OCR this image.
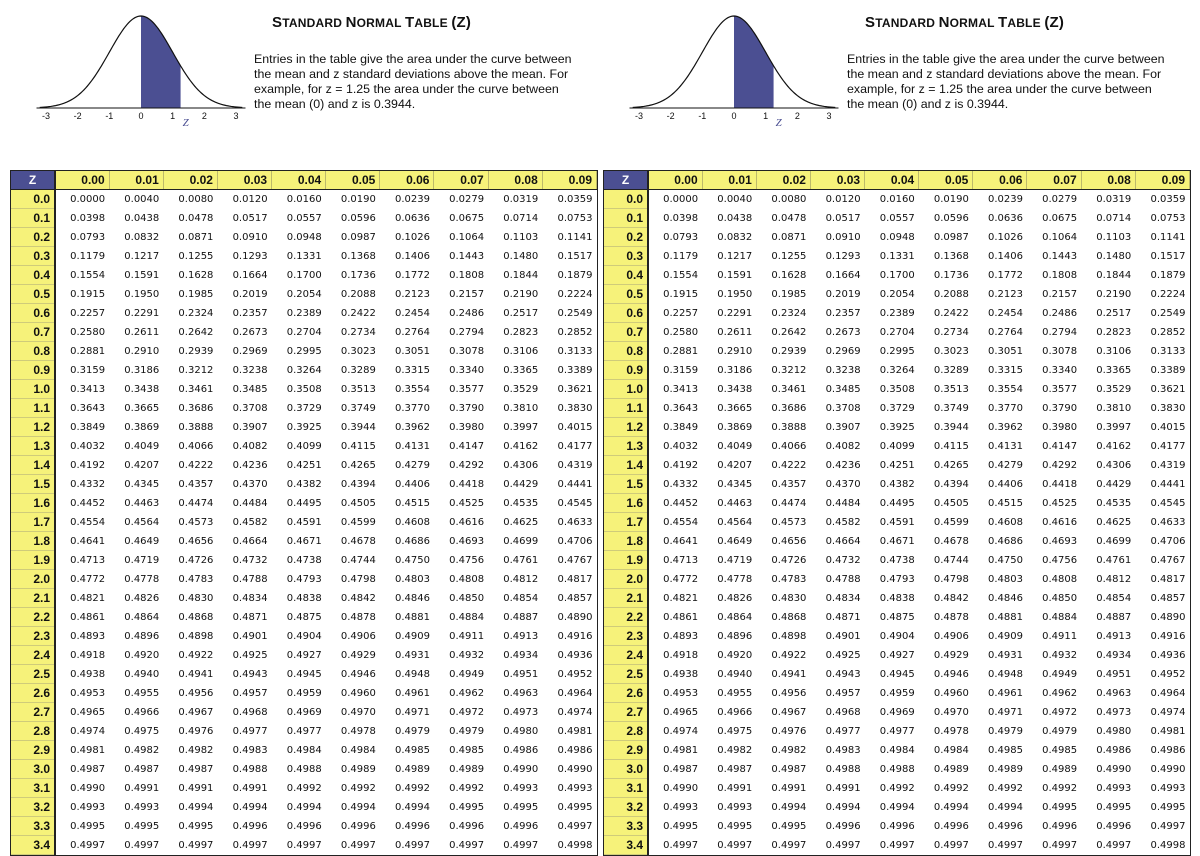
-3	-2	-1	0	1	2	3
Z
STANDARD NORMAL TABLE (Z)
Entries in the table give the area under the curve between the mean and z standard deviations above the mean. For example, for z = 1.25 the area under the curve between the mean (0) and z is 0.3944.
Z	0.00	0.01	0.02	0.03	0.04	0.05	0.06	0.07	0.08	0.09
0.0	0.0000	0.0040	0.0080	0.0120	0.0160	0.0190	0.0239	0.0279	0.0319	0.0359
0.1	0.0398	0.0438	0.0478	0.0517	0.0557	0.0596	0.0636	0.0675	0.0714	0.0753
0.2	0.0793	0.0832	0.0871	0.0910	0.0948	0.0987	0.1026	0.1064	0.1103	0.1141
0.3	0.1179	0.1217	0.1255	0.1293	0.1331	0.1368	0.1406	0.1443	0.1480	0.1517
0.4	0.1554	0.1591	0.1628	0.1664	0.1700	0.1736	0.1772	0.1808	0.1844	0.1879
0.5	0.1915	0.1950	0.1985	0.2019	0.2054	0.2088	0.2123	0.2157	0.2190	0.2224
0.6	0.2257	0.2291	0.2324	0.2357	0.2389	0.2422	0.2454	0.2486	0.2517	0.2549
0.7	0.2580	0.2611	0.2642	0.2673	0.2704	0.2734	0.2764	0.2794	0.2823	0.2852
0.8	0.2881	0.2910	0.2939	0.2969	0.2995	0.3023	0.3051	0.3078	0.3106	0.3133
0.9	0.3159	0.3186	0.3212	0.3238	0.3264	0.3289	0.3315	0.3340	0.3365	0.3389
1.0	0.3413	0.3438	0.3461	0.3485	0.3508	0.3513	0.3554	0.3577	0.3529	0.3621
1.1	0.3643	0.3665	0.3686	0.3708	0.3729	0.3749	0.3770	0.3790	0.3810	0.3830
1.2	0.3849	0.3869	0.3888	0.3907	0.3925	0.3944	0.3962	0.3980	0.3997	0.4015
1.3	0.4032	0.4049	0.4066	0.4082	0.4099	0.4115	0.4131	0.4147	0.4162	0.4177
1.4	0.4192	0.4207	0.4222	0.4236	0.4251	0.4265	0.4279	0.4292	0.4306	0.4319
1.5	0.4332	0.4345	0.4357	0.4370	0.4382	0.4394	0.4406	0.4418	0.4429	0.4441
1.6	0.4452	0.4463	0.4474	0.4484	0.4495	0.4505	0.4515	0.4525	0.4535	0.4545
1.7	0.4554	0.4564	0.4573	0.4582	0.4591	0.4599	0.4608	0.4616	0.4625	0.4633
1.8	0.4641	0.4649	0.4656	0.4664	0.4671	0.4678	0.4686	0.4693	0.4699	0.4706
1.9	0.4713	0.4719	0.4726	0.4732	0.4738	0.4744	0.4750	0.4756	0.4761	0.4767
2.0	0.4772	0.4778	0.4783	0.4788	0.4793	0.4798	0.4803	0.4808	0.4812	0.4817
2.1	0.4821	0.4826	0.4830	0.4834	0.4838	0.4842	0.4846	0.4850	0.4854	0.4857
2.2	0.4861	0.4864	0.4868	0.4871	0.4875	0.4878	0.4881	0.4884	0.4887	0.4890
2.3	0.4893	0.4896	0.4898	0.4901	0.4904	0.4906	0.4909	0.4911	0.4913	0.4916
2.4	0.4918	0.4920	0.4922	0.4925	0.4927	0.4929	0.4931	0.4932	0.4934	0.4936
2.5	0.4938	0.4940	0.4941	0.4943	0.4945	0.4946	0.4948	0.4949	0.4951	0.4952
2.6	0.4953	0.4955	0.4956	0.4957	0.4959	0.4960	0.4961	0.4962	0.4963	0.4964
2.7	0.4965	0.4966	0.4967	0.4968	0.4969	0.4970	0.4971	0.4972	0.4973	0.4974
2.8	0.4974	0.4975	0.4976	0.4977	0.4977	0.4978	0.4979	0.4979	0.4980	0.4981
2.9	0.4981	0.4982	0.4982	0.4983	0.4984	0.4984	0.4985	0.4985	0.4986	0.4986
3.0	0.4987	0.4987	0.4987	0.4988	0.4988	0.4989	0.4989	0.4989	0.4990	0.4990
3.1	0.4990	0.4991	0.4991	0.4991	0.4992	0.4992	0.4992	0.4992	0.4993	0.4993
3.2	0.4993	0.4993	0.4994	0.4994	0.4994	0.4994	0.4994	0.4995	0.4995	0.4995
3.3	0.4995	0.4995	0.4995	0.4996	0.4996	0.4996	0.4996	0.4996	0.4996	0.4997
3.4	0.4997	0.4997	0.4997	0.4997	0.4997	0.4997	0.4997	0.4997	0.4997	0.4998
-3	-2	-1	0	1	2	3
Z
STANDARD NORMAL TABLE (Z)
Entries in the table give the area under the curve between the mean and z standard deviations above the mean. For example, for z = 1.25 the area under the curve between the mean (0) and z is 0.3944.
Z	0.00	0.01	0.02	0.03	0.04	0.05	0.06	0.07	0.08	0.09
0.0	0.0000	0.0040	0.0080	0.0120	0.0160	0.0190	0.0239	0.0279	0.0319	0.0359
0.1	0.0398	0.0438	0.0478	0.0517	0.0557	0.0596	0.0636	0.0675	0.0714	0.0753
0.2	0.0793	0.0832	0.0871	0.0910	0.0948	0.0987	0.1026	0.1064	0.1103	0.1141
0.3	0.1179	0.1217	0.1255	0.1293	0.1331	0.1368	0.1406	0.1443	0.1480	0.1517
0.4	0.1554	0.1591	0.1628	0.1664	0.1700	0.1736	0.1772	0.1808	0.1844	0.1879
0.5	0.1915	0.1950	0.1985	0.2019	0.2054	0.2088	0.2123	0.2157	0.2190	0.2224
0.6	0.2257	0.2291	0.2324	0.2357	0.2389	0.2422	0.2454	0.2486	0.2517	0.2549
0.7	0.2580	0.2611	0.2642	0.2673	0.2704	0.2734	0.2764	0.2794	0.2823	0.2852
0.8	0.2881	0.2910	0.2939	0.2969	0.2995	0.3023	0.3051	0.3078	0.3106	0.3133
0.9	0.3159	0.3186	0.3212	0.3238	0.3264	0.3289	0.3315	0.3340	0.3365	0.3389
1.0	0.3413	0.3438	0.3461	0.3485	0.3508	0.3513	0.3554	0.3577	0.3529	0.3621
1.1	0.3643	0.3665	0.3686	0.3708	0.3729	0.3749	0.3770	0.3790	0.3810	0.3830
1.2	0.3849	0.3869	0.3888	0.3907	0.3925	0.3944	0.3962	0.3980	0.3997	0.4015
1.3	0.4032	0.4049	0.4066	0.4082	0.4099	0.4115	0.4131	0.4147	0.4162	0.4177
1.4	0.4192	0.4207	0.4222	0.4236	0.4251	0.4265	0.4279	0.4292	0.4306	0.4319
1.5	0.4332	0.4345	0.4357	0.4370	0.4382	0.4394	0.4406	0.4418	0.4429	0.4441
1.6	0.4452	0.4463	0.4474	0.4484	0.4495	0.4505	0.4515	0.4525	0.4535	0.4545
1.7	0.4554	0.4564	0.4573	0.4582	0.4591	0.4599	0.4608	0.4616	0.4625	0.4633
1.8	0.4641	0.4649	0.4656	0.4664	0.4671	0.4678	0.4686	0.4693	0.4699	0.4706
1.9	0.4713	0.4719	0.4726	0.4732	0.4738	0.4744	0.4750	0.4756	0.4761	0.4767
2.0	0.4772	0.4778	0.4783	0.4788	0.4793	0.4798	0.4803	0.4808	0.4812	0.4817
2.1	0.4821	0.4826	0.4830	0.4834	0.4838	0.4842	0.4846	0.4850	0.4854	0.4857
2.2	0.4861	0.4864	0.4868	0.4871	0.4875	0.4878	0.4881	0.4884	0.4887	0.4890
2.3	0.4893	0.4896	0.4898	0.4901	0.4904	0.4906	0.4909	0.4911	0.4913	0.4916
2.4	0.4918	0.4920	0.4922	0.4925	0.4927	0.4929	0.4931	0.4932	0.4934	0.4936
2.5	0.4938	0.4940	0.4941	0.4943	0.4945	0.4946	0.4948	0.4949	0.4951	0.4952
2.6	0.4953	0.4955	0.4956	0.4957	0.4959	0.4960	0.4961	0.4962	0.4963	0.4964
2.7	0.4965	0.4966	0.4967	0.4968	0.4969	0.4970	0.4971	0.4972	0.4973	0.4974
2.8	0.4974	0.4975	0.4976	0.4977	0.4977	0.4978	0.4979	0.4979	0.4980	0.4981
2.9	0.4981	0.4982	0.4982	0.4983	0.4984	0.4984	0.4985	0.4985	0.4986	0.4986
3.0	0.4987	0.4987	0.4987	0.4988	0.4988	0.4989	0.4989	0.4989	0.4990	0.4990
3.1	0.4990	0.4991	0.4991	0.4991	0.4992	0.4992	0.4992	0.4992	0.4993	0.4993
3.2	0.4993	0.4993	0.4994	0.4994	0.4994	0.4994	0.4994	0.4995	0.4995	0.4995
3.3	0.4995	0.4995	0.4995	0.4996	0.4996	0.4996	0.4996	0.4996	0.4996	0.4997
3.4	0.4997	0.4997	0.4997	0.4997	0.4997	0.4997	0.4997	0.4997	0.4997	0.4998
